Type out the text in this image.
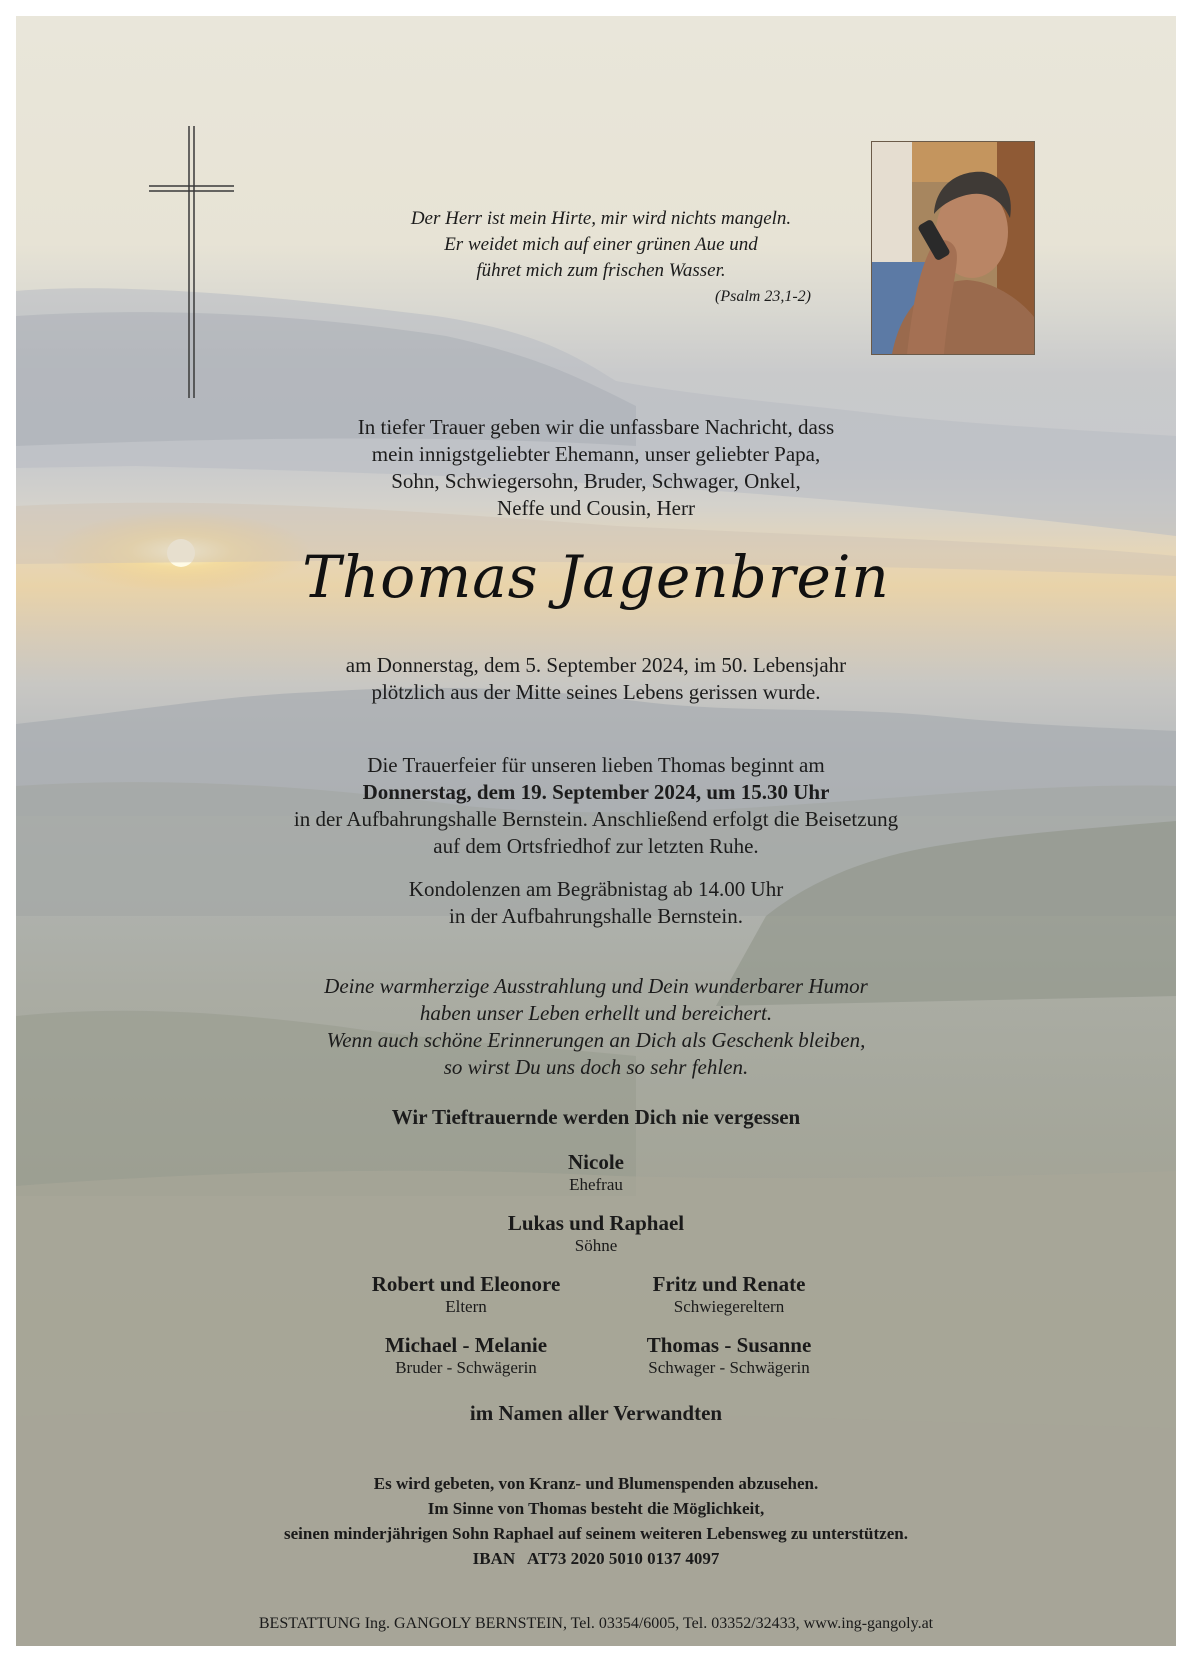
Der Herr ist mein Hirte, mir wird nichts mangeln.
Er weidet mich auf einer grünen Aue und
führet mich zum frischen Wasser.
(Psalm 23,1-2)
In tiefer Trauer geben wir die unfassbare Nachricht, dass
mein innigstgeliebter Ehemann, unser geliebter Papa,
Sohn, Schwiegersohn, Bruder, Schwager, Onkel,
Neffe und Cousin, Herr
Thomas Jagenbrein
am Donnerstag, dem 5. September 2024, im 50. Lebensjahr
plötzlich aus der Mitte seines Lebens gerissen wurde.
Die Trauerfeier für unseren lieben Thomas beginnt am
Donnerstag, dem 19. September 2024, um 15.30 Uhr
in der Aufbahrungshalle Bernstein. Anschließend erfolgt die Beisetzung
auf dem Ortsfriedhof zur letzten Ruhe.
Kondolenzen am Begräbnistag ab 14.00 Uhr
in der Aufbahrungshalle Bernstein.
Deine warmherzige Ausstrahlung und Dein wunderbarer Humor
haben unser Leben erhellt und bereichert.
Wenn auch schöne Erinnerungen an Dich als Geschenk bleiben,
so wirst Du uns doch so sehr fehlen.
Wir Tieftrauernde werden Dich nie vergessen
Nicole
Ehefrau
Lukas und Raphael
Söhne
Robert und Eleonore
Eltern
Fritz und Renate
Schwiegereltern
Michael - Melanie
Bruder - Schwägerin
Thomas - Susanne
Schwager - Schwägerin
im Namen aller Verwandten
Es wird gebeten, von Kranz- und Blumenspenden abzusehen.
Im Sinne von Thomas besteht die Möglichkeit,
seinen minderjährigen Sohn Raphael auf seinem weiteren Lebensweg zu unterstützen.
IBAN   AT73 2020 5010 0137 4097
BESTATTUNG Ing. GANGOLY BERNSTEIN, Tel. 03354/6005, Tel. 03352/32433, www.ing-gangoly.at
